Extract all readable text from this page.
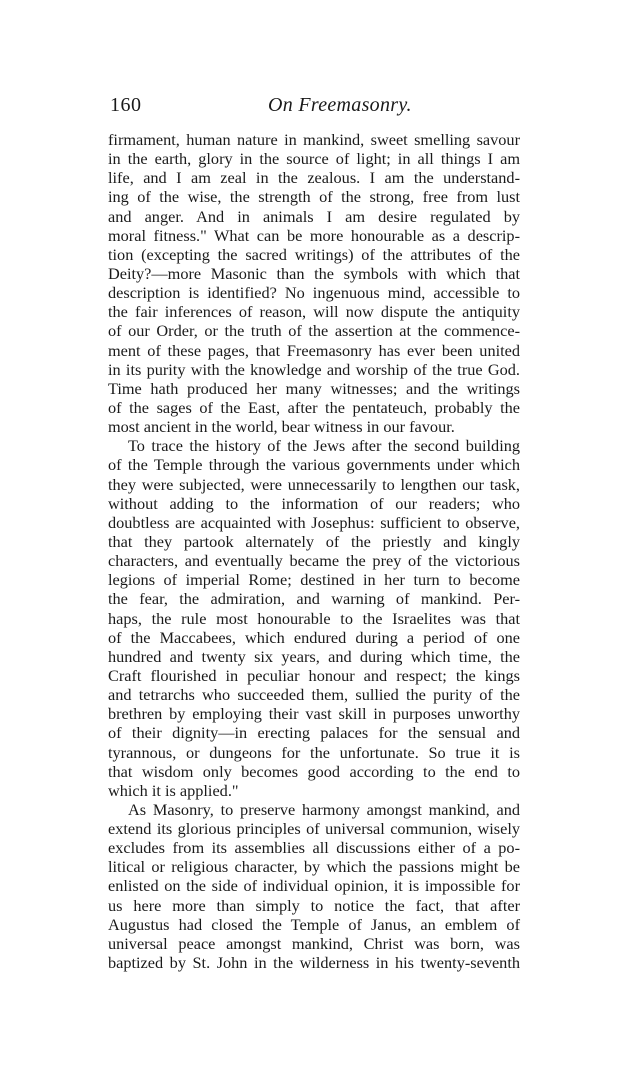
160	On Freemasonry.
firmament, human nature in mankind, sweet smelling savour
in the earth, glory in the source of light; in all things I am
life, and I am zeal in the zealous. I am the understand-
ing of the wise, the strength of the strong, free from lust
and anger. And in animals I am desire regulated by
moral fitness." What can be more honourable as a descrip-
tion (excepting the sacred writings) of the attributes of the
Deity?—more Masonic than the symbols with which that
description is identified? No ingenuous mind, accessible to
the fair inferences of reason, will now dispute the antiquity
of our Order, or the truth of the assertion at the commence-
ment of these pages, that Freemasonry has ever been united
in its purity with the knowledge and worship of the true God.
Time hath produced her many witnesses; and the writings
of the sages of the East, after the pentateuch, probably the
most ancient in the world, bear witness in our favour.
To trace the history of the Jews after the second building
of the Temple through the various governments under which
they were subjected, were unnecessarily to lengthen our task,
without adding to the information of our readers; who
doubtless are acquainted with Josephus: sufficient to observe,
that they partook alternately of the priestly and kingly
characters, and eventually became the prey of the victorious
legions of imperial Rome; destined in her turn to become
the fear, the admiration, and warning of mankind. Per-
haps, the rule most honourable to the Israelites was that
of the Maccabees, which endured during a period of one
hundred and twenty six years, and during which time, the
Craft flourished in peculiar honour and respect; the kings
and tetrarchs who succeeded them, sullied the purity of the
brethren by employing their vast skill in purposes unworthy
of their dignity—in erecting palaces for the sensual and
tyrannous, or dungeons for the unfortunate. So true it is
that wisdom only becomes good according to the end to
which it is applied."
As Masonry, to preserve harmony amongst mankind, and
extend its glorious principles of universal communion, wisely
excludes from its assemblies all discussions either of a po-
litical or religious character, by which the passions might be
enlisted on the side of individual opinion, it is impossible for
us here more than simply to notice the fact, that after
Augustus had closed the Temple of Janus, an emblem of
universal peace amongst mankind, Christ was born, was
baptized by St. John in the wilderness in his twenty-seventh
